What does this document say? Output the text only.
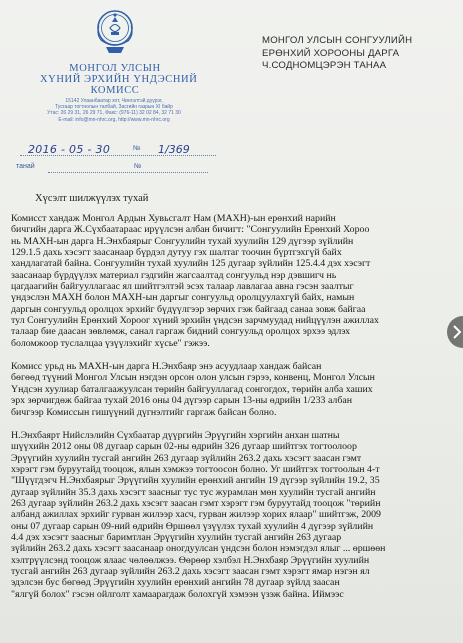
МОНГОЛ УЛСЫН
ХҮНИЙ ЭРХИЙН ҮНДЭСНИЙ
КОМИСС
15142 Улаанбаатар хот, Чингэлтэй дүүрэг,
Тусгаар тогтнолын талбай, Засгийн газрын XI байр
Утас: 26 29 31, 26 29 71, Факс: (976-11) 32 02 84, 32 71 30
E-mail: info@mn-nhrc.org, http://www.mn-nhrc.org
2016 - 05 - 30	№ 1/369
танай	№
МОНГОЛ УЛСЫН СОНГУУЛИЙН
ЕРӨНХИЙ ХОРООНЫ ДАРГА
Ч.СОДНОМЦЭРЭН ТАНАА
Хүсэлт шилжүүлэх тухай
Комисст хандаж Монгол Ардын Хувьсгалт Нам (МАХН)-ын ерөнхий нарийн
бичгийн дарга Ж.Сүхбаатараас ирүүлсэн албан бичигт: "Сонгуулийн Ерөнхий Хороо
нь МАХН-ын дарга Н.Энхбаярыг Сонгуулийн тухай хуулийн 129 дүгээр зүйлийн
129.1.5 дахь хэсэгт заасанаар бүрдэл дутуу гэх шалтаг тоочин бүртгэхгүй байх
хандлагатай байна. Сонгуулийн тухай хуулийн 125 дугаар зүйлийн 125.4.4 дэх хэсэгт
заасанаар бүрдүүлэх материал гэдгийн жагсаалтад сонгуульд нэр дэвшигч нь
цагдаагийн байгууллагаас ял шийтгэлтэй эсэх талаар лавлагаа авна гэсэн заалтыг
үндэслэн МАХН болон МАХН-ын даргыг сонгуульд оролцуулахгүй байх, намын
даргын сонгуульд оролцох эрхийг бүдүүлгээр зөрчих гэж байгаад санаа зовж байгаа
тул Сонгуулийн Ерөнхий Хороог хүний эрхийн үндсэн зарчмуудад нийцүүлэн ажиллах
талаар бие даасан зөвлөмж, санал гаргаж бидний сонгуульд оролцох эрхээ эдлэх
боломжоор туслалцаа үзүүлэхийг хүсье" гэжээ.
Комисс урьд нь МАХН-ын дарга Н.Энхбаяр энэ асуудлаар хандаж байсан
бөгөөд түүний Монгол Улсын нэгдэн орсон олон улсын гэрээ, конвенц, Монгол Улсын
Үндсэн хуулиар баталгаажуулсан төрийн байгууллагад сонгогдох, төрийн алба хаших
эрх зөрчигдөж байгаа тухай 2016 оны 04 дүгээр сарын 13-ны өдрийн 1/233 албан
бичгээр Комиссын гишүүний дүгнэлтийг гаргаж байсан болно.
Н.Энхбаярт Нийслэлийн Сүхбаатар дүүргийн Эрүүгийн хэргийн анхан шатны
шүүхийн 2012 оны 08 дугаар сарын 02-ны өдрийн 326 дугаар шийтгэх тогтоолоор
Эрүүгийн хуулийн тусгай ангийн 263 дугаар зүйлийн 263.2 дахь хэсэгт заасан гэмт
хэрэгт гэм буруутайд тооцож, ялын хэмжээ тогтоосон болно. Уг шийтгэх тогтоолын 4-т
"Шүүгдэгч Н.Энхбаярыг Эрүүгийн хуулийн ерөнхий ангийн 19 дүгээр зүйлийн 19.2, 35
дугаар зүйлийн 35.3 дахь хэсэгт заасныг тус тус журамлан мөн хуулийн тусгай ангийн
263 дугаар зүйлийн 263.2 дахь хэсэгт заасан гэмт хэрэгт гэм буруутайд тооцож "төрийн
албанд ажиллах эрхийг гурван жилээр хасч, гурван жилээр хорих ялаар" шийтгэж, 2009
оны 07 дугаар сарын 09-ний өдрийн Өршөөл үзүүлэх тухай хуулийн 4 дүгээр зүйлийн
4.4 дэх хэсэгт заасныг баримтлан Эрүүгийн хуулийн тусгай ангийн 263 дугаар
зүйлийн 263.2 дахь хэсэгт заасанаар оногдуулсан үндсэн болон нэмэгдэл ялыг ... өршөөн
хэлтрүүлсэнд тооцож ялаас чөлөөлжээ. Өөрөөр хэлбэл Н.Энхбаяр Эрүүгийн хуулийн
тусгай ангийн 263 дугаар зүйлийн 263.2 дахь хэсэгт заасан гэмт хэрэгт ямар нэгэн ял
эдэлсэн бус бөгөөд Эрүүгийн хуулийн ерөнхий ангийн 78 дугаар зүйлд заасан
"ялгүй болох" гэсэн ойлголт хамаарагдаж болохгүй хэмээн үзэж байна. Иймээс
